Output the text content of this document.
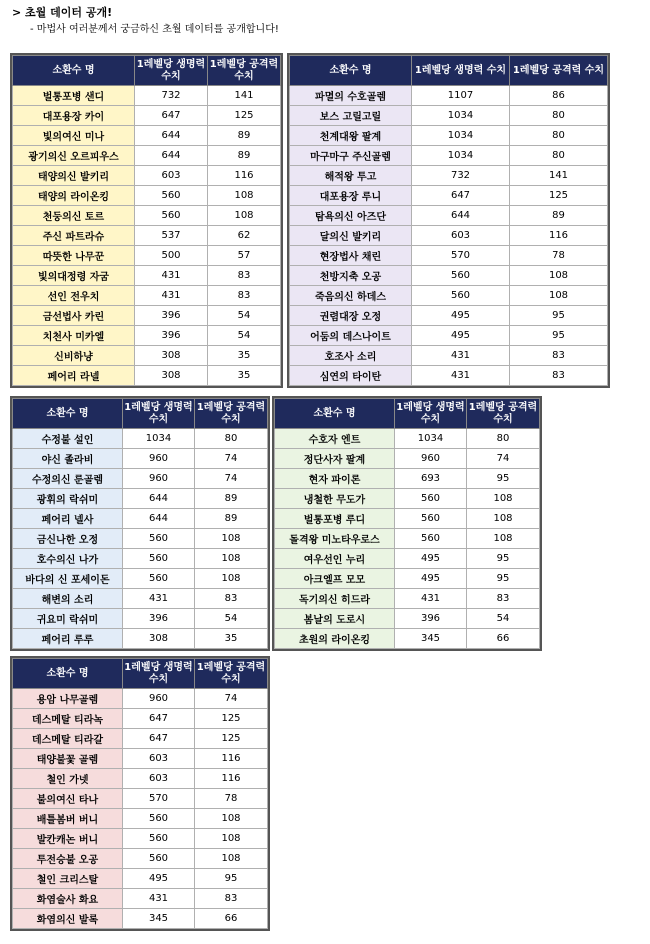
> 초월 데이터 공개!
- 마법사 여러분께서 궁금하신 초월 데이터를 공개합니다!
소환수 명	1레벨당 생명력 수치	1레벨당 공격력 수치
벌통포병 샌디	732	141
대포용장 카이	647	125
빛의여신 미나	644	89
광기의신 오르피우스	644	89
태양의신 발키리	603	116
태양의 라이온킹	560	108
천둥의신 토르	560	108
주신 파트라슈	537	62
따뜻한 나무꾼	500	57
빛의대정령 자굼	431	83
선인 전우치	431	83
금선법사 카린	396	54
치천사 미카엘	396	54
신비하냥	308	35
페어리 라넬	308	35
소환수 명	1레벨당 생명력 수치	1레벨당 공격력 수치
파멸의 수호골렘	1107	86
보스 고릴고릴	1034	80
천계대왕 팔계	1034	80
마구마구 주신골렘	1034	80
해적왕 투고	732	141
대포용장 루니	647	125
탐욕의신 아즈단	644	89
달의신 발키리	603	116
현장법사 채린	570	78
천방지축 오공	560	108
죽음의신 하데스	560	108
권렴대장 오정	495	95
어둠의 데스나이트	495	95
호조사 소리	431	83
심연의 타이탄	431	83
소환수 명	1레벨당 생명력 수치	1레벨당 공격력 수치
수정불 설인	1034	80
야신 졸라비	960	74
수정의신 룬골렘	960	74
광휘의 락쉬미	644	89
페어리 넬사	644	89
금신나한 오정	560	108
호수의신 나가	560	108
바다의 신 포세이돈	560	108
해변의 소리	431	83
귀요미 락쉬미	396	54
페어리 루루	308	35
소환수 명	1레벨당 생명력 수치	1레벨당 공격력 수치
수호자 엔트	1034	80
정단사자 팔계	960	74
현자 파이론	693	95
냉철한 무도가	560	108
벌통포병 루디	560	108
돌격왕 미노타우로스	560	108
여우선인 누리	495	95
아크엘프 모모	495	95
독기의신 히드라	431	83
봄날의 도로시	396	54
초원의 라이온킹	345	66
소환수 명	1레벨당 생명력 수치	1레벨당 공격력 수치
용암 나무골렘	960	74
데스메탈 티라녹	647	125
데스메탈 티라갈	647	125
태양불꽃 골렘	603	116
철인 가넷	603	116
불의여신 타나	570	78
배틀봄버 버니	560	108
발칸캐논 버니	560	108
투전승불 오공	560	108
철인 크리스탈	495	95
화염술사 화요	431	83
화염의신 발록	345	66
